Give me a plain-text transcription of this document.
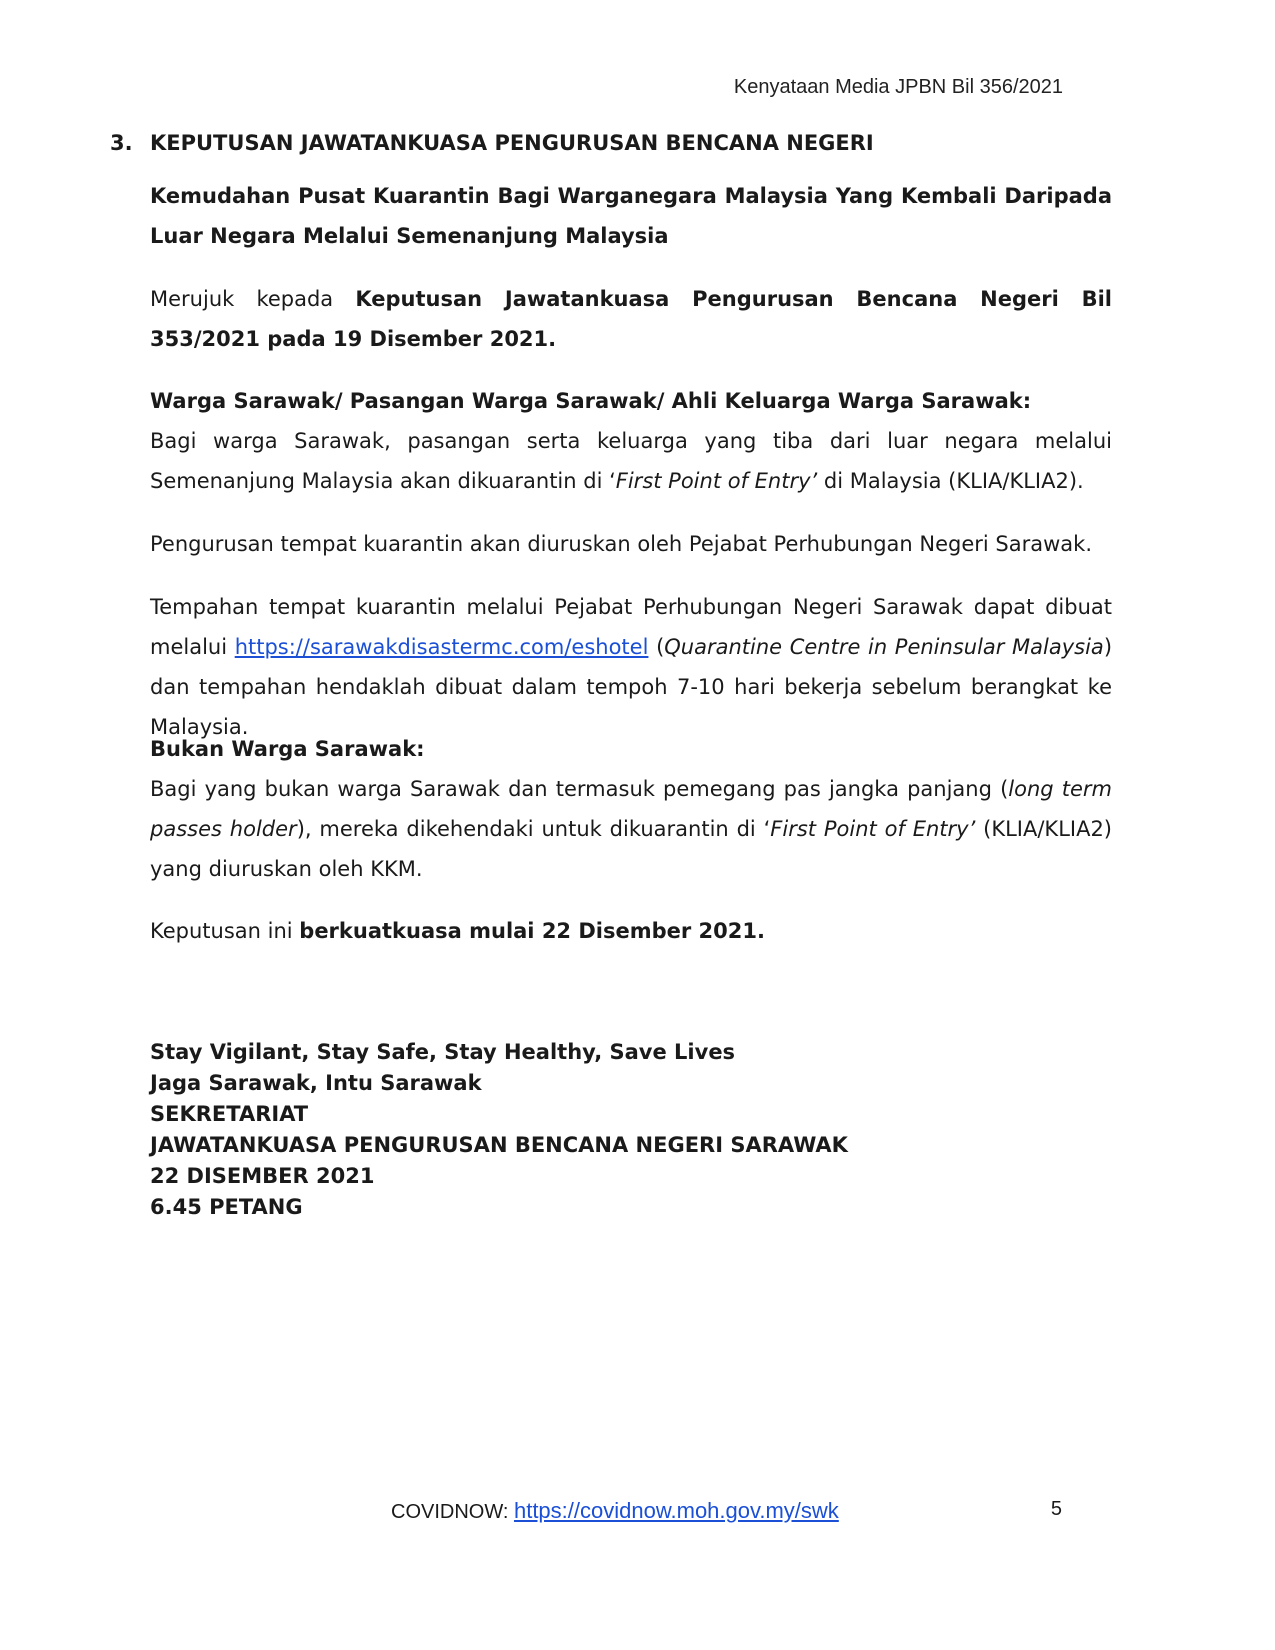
Kenyataan Media JPBN Bil 356/2021
3. KEPUTUSAN JAWATANKUASA PENGURUSAN BENCANA NEGERI
Kemudahan Pusat Kuarantin Bagi Warganegara Malaysia Yang Kembali Daripada Luar Negara Melalui Semenanjung Malaysia
Merujuk kepada Keputusan Jawatankuasa Pengurusan Bencana Negeri Bil 353/2021 pada 19 Disember 2021.
Warga Sarawak/ Pasangan Warga Sarawak/ Ahli Keluarga Warga Sarawak:
Bagi warga Sarawak, pasangan serta keluarga yang tiba dari luar negara melalui Semenanjung Malaysia akan dikuarantin di ‘First Point of Entry’ di Malaysia (KLIA/KLIA2).
Pengurusan tempat kuarantin akan diuruskan oleh Pejabat Perhubungan Negeri Sarawak.
Tempahan tempat kuarantin melalui Pejabat Perhubungan Negeri Sarawak dapat dibuat melalui https://sarawakdisastermc.com/eshotel (Quarantine Centre in Peninsular Malaysia) dan tempahan hendaklah dibuat dalam tempoh 7-10 hari bekerja sebelum berangkat ke Malaysia.
Bukan Warga Sarawak:
Bagi yang bukan warga Sarawak dan termasuk pemegang pas jangka panjang (long term passes holder), mereka dikehendaki untuk dikuarantin di ‘First Point of Entry’ (KLIA/KLIA2) yang diuruskan oleh KKM.
Keputusan ini berkuatkuasa mulai 22 Disember 2021.
Stay Vigilant, Stay Safe, Stay Healthy, Save Lives
Jaga Sarawak, Intu Sarawak
SEKRETARIAT
JAWATANKUASA PENGURUSAN BENCANA NEGERI SARAWAK
22 DISEMBER 2021
6.45 PETANG
COVIDNOW: https://covidnow.moh.gov.my/swk	5
